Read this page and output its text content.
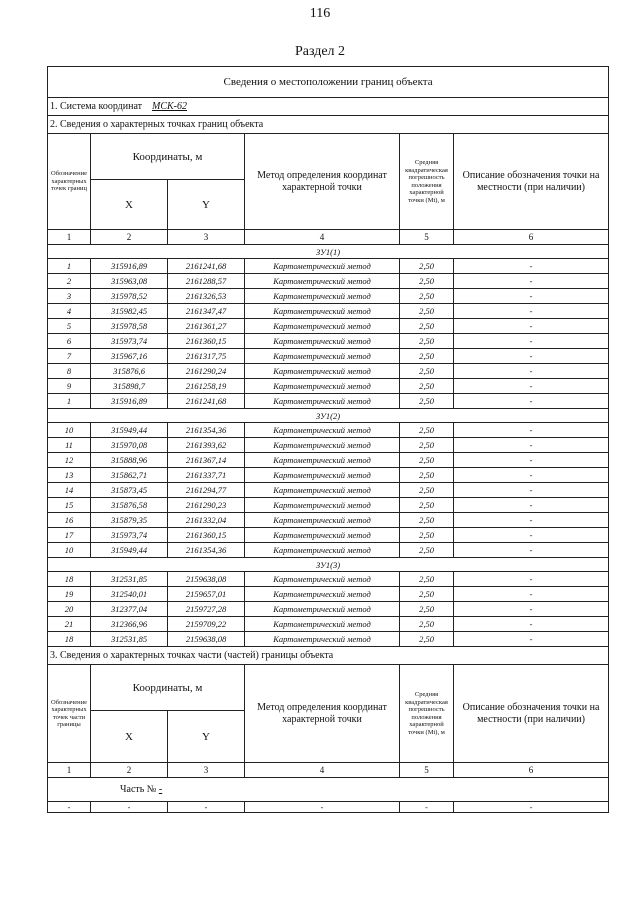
116
Раздел 2
Сведения о местоположении границ объекта					
1. Система координат МСК-62					
2. Сведения о характерных точках границ объекта					
Обозначение характерных точек границ	Координаты, м		Метод определения координат характерной точки	Средняя квадратическая погрешность положения характерной точки (Mt), м	Описание обозначения точки на местности (при наличии)
	X	Y			
1	2	3	4	5	6
ЗУ1(1)					
1	315916,89	2161241,68	Картометрический метод	2,50	-
2	315963,08	2161288,57	Картометрический метод	2,50	-
3	315978,52	2161326,53	Картометрический метод	2,50	-
4	315982,45	2161347,47	Картометрический метод	2,50	-
5	315978,58	2161361,27	Картометрический метод	2,50	-
6	315973,74	2161360,15	Картометрический метод	2,50	-
7	315967,16	2161317,75	Картометрический метод	2,50	-
8	315876,6	2161290,24	Картометрический метод	2,50	-
9	315898,7	2161258,19	Картометрический метод	2,50	-
1	315916,89	2161241,68	Картометрический метод	2,50	-
ЗУ1(2)					
10	315949,44	2161354,36	Картометрический метод	2,50	-
11	315970,08	2161393,62	Картометрический метод	2,50	-
12	315888,96	2161367,14	Картометрический метод	2,50	-
13	315862,71	2161337,71	Картометрический метод	2,50	-
14	315873,45	2161294,77	Картометрический метод	2,50	-
15	315876,58	2161290,23	Картометрический метод	2,50	-
16	315879,35	2161332,04	Картометрический метод	2,50	-
17	315973,74	2161360,15	Картометрический метод	2,50	-
10	315949,44	2161354,36	Картометрический метод	2,50	-
ЗУ1(3)					
18	312531,85	2159638,08	Картометрический метод	2,50	-
19	312540,01	2159657,01	Картометрический метод	2,50	-
20	312377,04	2159727,28	Картометрический метод	2,50	-
21	312366,96	2159709,22	Картометрический метод	2,50	-
18	312531,85	2159638,08	Картометрический метод	2,50	-
3. Сведения о характерных точках части (частей) границы объекта					
Обозначение характерных точек части границы	Координаты, м		Метод определения координат характерной точки	Средняя квадратическая погрешность положения характерной точки (Mt), м	Описание обозначения точки на местности (при наличии)
	X	Y			
1	2	3	4	5	6
Часть № -					
-	-	-	-	-	-
